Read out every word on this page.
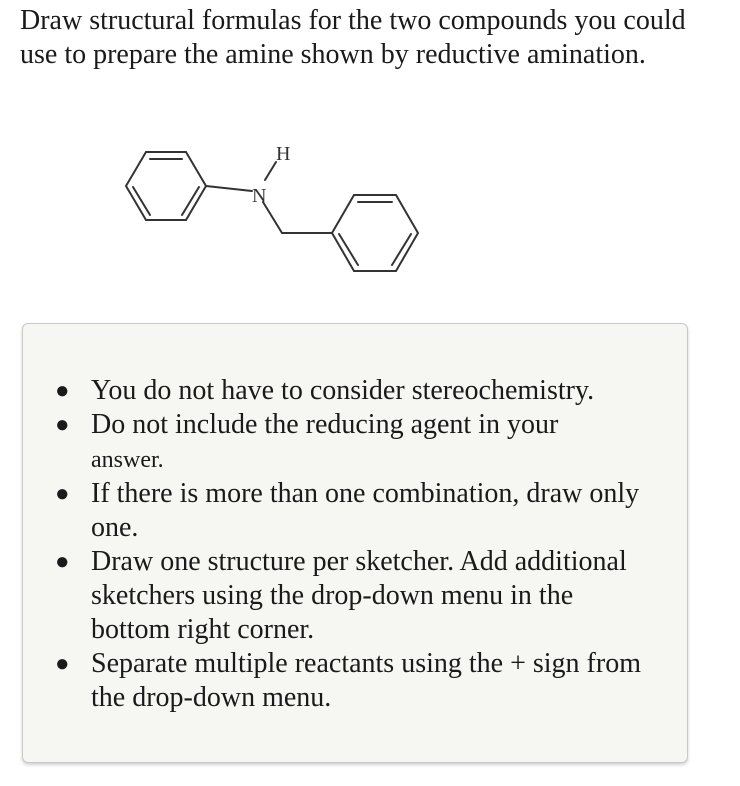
Draw structural formulas for the two compounds you could use to prepare the amine shown by reductive amination.

H
N
● You do not have to consider stereochemistry.
● Do not include the reducing agent in your
answer.
● If there is more than one combination, draw only one.
● Draw one structure per sketcher. Add additional sketchers using the drop-down menu in the bottom right corner.
● Separate multiple reactants using the + sign from the drop-down menu.
